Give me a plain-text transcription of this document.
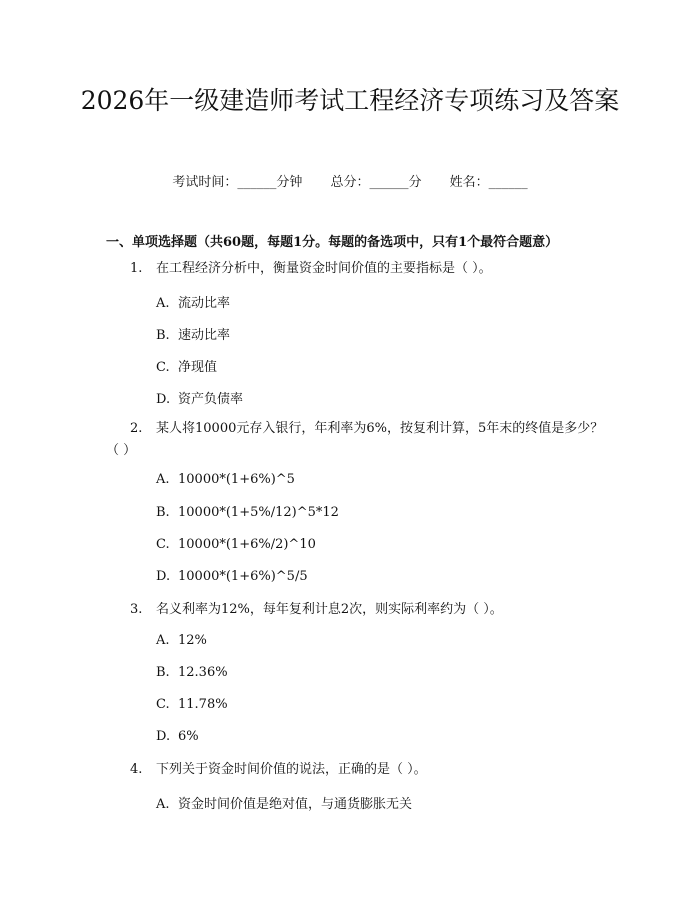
2026年一级建造师考试工程经济专项练习及答案
考试时间：______分钟 总分：______分 姓名：______
一、单项选择题（共60题，每题1分。每题的备选项中，只有1个最符合题意）
1. 在工程经济分析中，衡量资金时间价值的主要指标是（ ）。
A. 流动比率
B. 速动比率
C. 净现值
D. 资产负债率
2. 某人将10000元存入银行，年利率为6%，按复利计算，5年末的终值是多少？（ ）
A. 10000*(1+6%)^5
B. 10000*(1+5%/12)^5*12
C. 10000*(1+6%/2)^10
D. 10000*(1+6%)^5/5
3. 名义利率为12%，每年复利计息2次，则实际利率约为（ ）。
A. 12%
B. 12.36%
C. 11.78%
D. 6%
4. 下列关于资金时间价值的说法，正确的是（ ）。
A. 资金时间价值是绝对值，与通货膨胀无关
